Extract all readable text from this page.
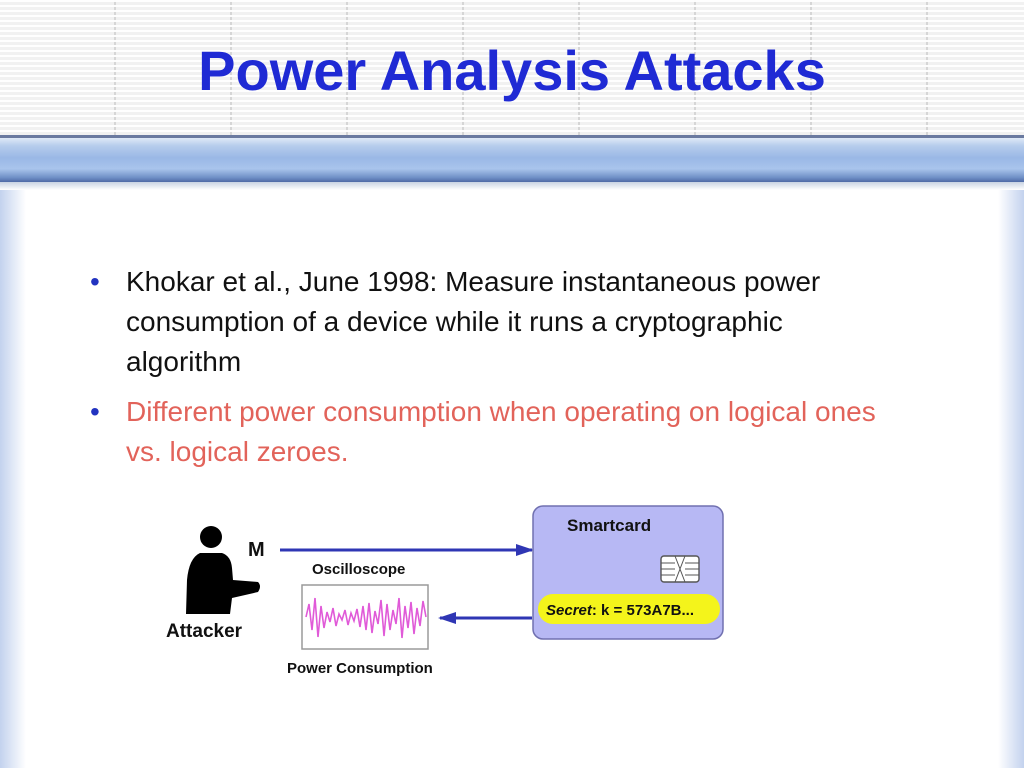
Power Analysis Attacks
• Khokar et al., June 1998: Measure instantaneous power consumption of a device while it runs a cryptographic algorithm
• Different power consumption when operating on logical ones vs. logical zeroes.
Attacker
M
Oscilloscope
Power Consumption
Smartcard
Secret: k = 573A7B...
